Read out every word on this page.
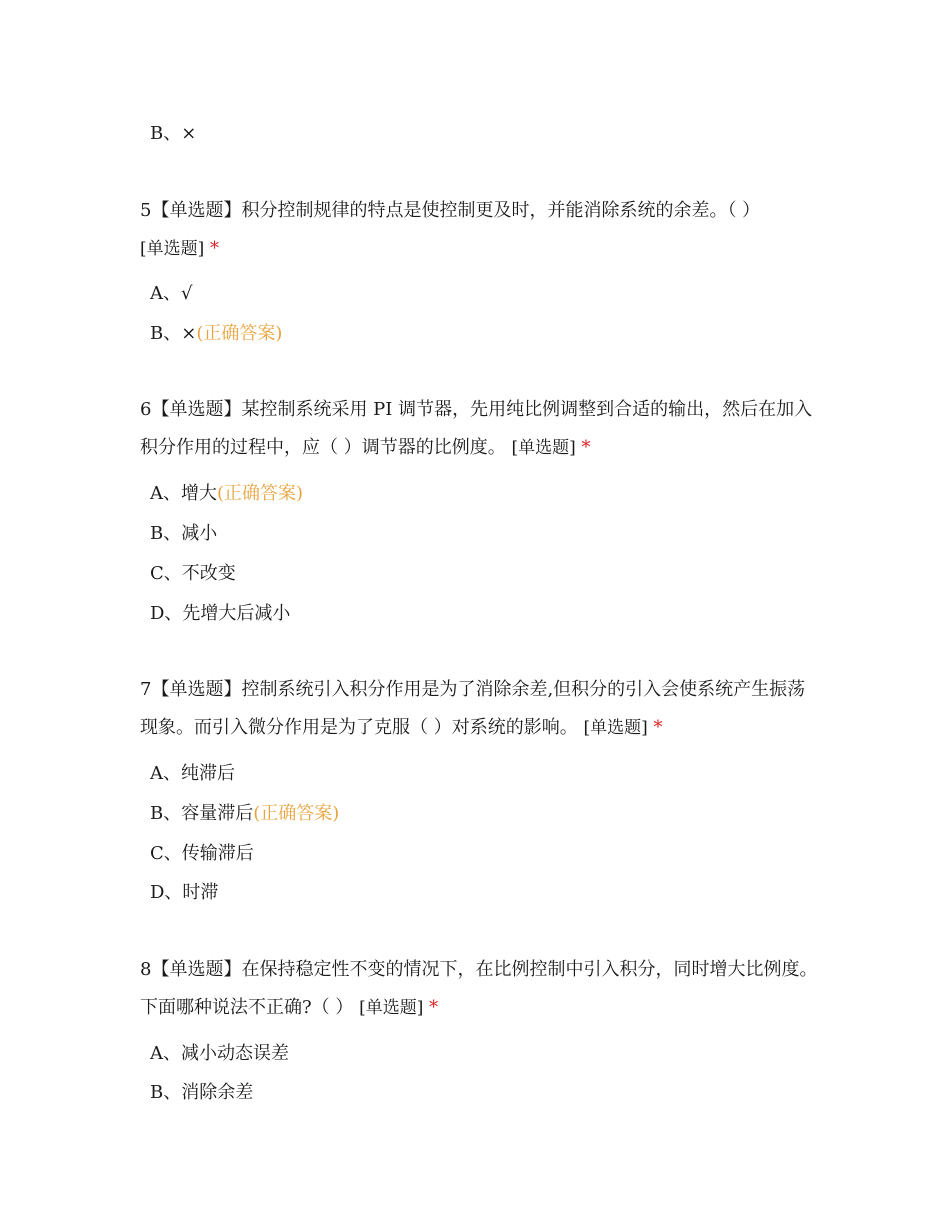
B、×
5【单选题】积分控制规律的特点是使控制更及时，并能消除系统的余差。（ ）
[单选题] *
A、√
B、×(正确答案)
6【单选题】某控制系统采用 PI 调节器，先用纯比例调整到合适的输出，然后在加入积分作用的过程中，应（ ）调节器的比例度。 [单选题] *
A、增大(正确答案)
B、减小
C、不改变
D、先增大后减小
7【单选题】控制系统引入积分作用是为了消除余差,但积分的引入会使系统产生振荡现象。而引入微分作用是为了克服（ ）对系统的影响。 [单选题] *
A、纯滞后
B、容量滞后(正确答案)
C、传输滞后
D、时滞
8【单选题】在保持稳定性不变的情况下，在比例控制中引入积分，同时增大比例度。下面哪种说法不正确?（ ） [单选题] *
A、减小动态误差
B、消除余差
